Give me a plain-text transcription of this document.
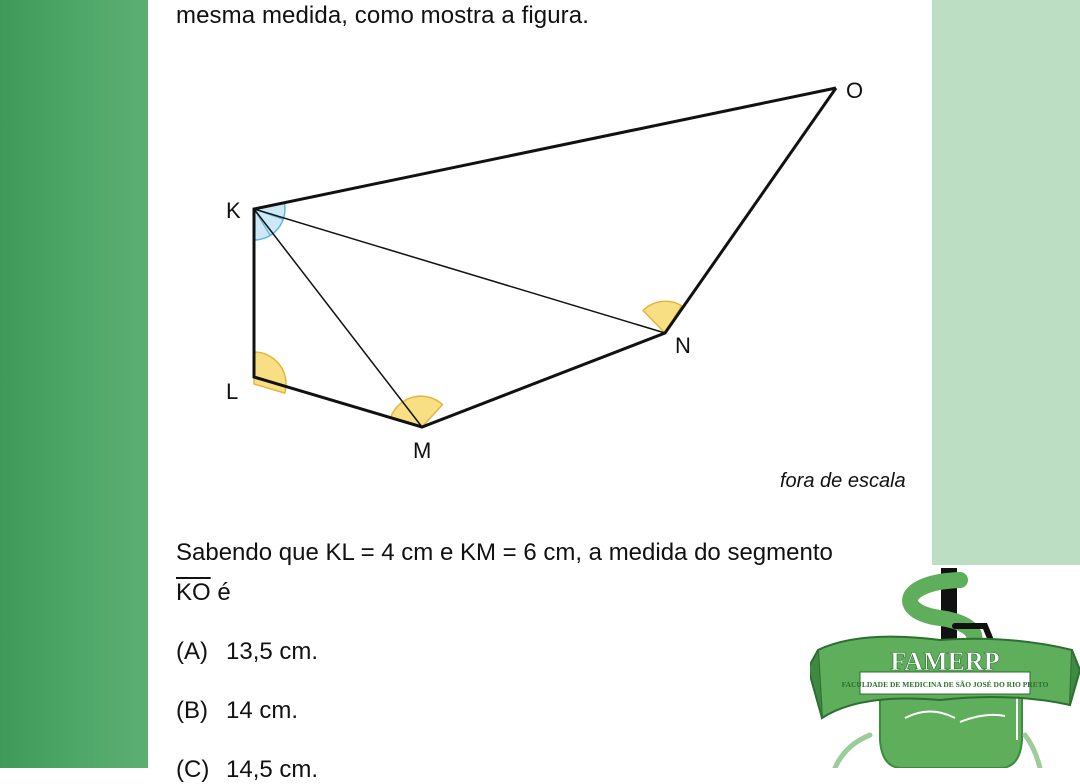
mesma medida, como mostra a figura.

O
K
N
L
M
fora de escala

Sabendo que KL = 4 cm e KM = 6 cm, a medida do segmento
$\overline{KO}$ é

(A) 13,5 cm.

(B) 14 cm.

(C) 14,5 cm.

FAMERP
FACULDADE DE MEDICINA DE SÃO JOSÉ DO RIO PRETO
